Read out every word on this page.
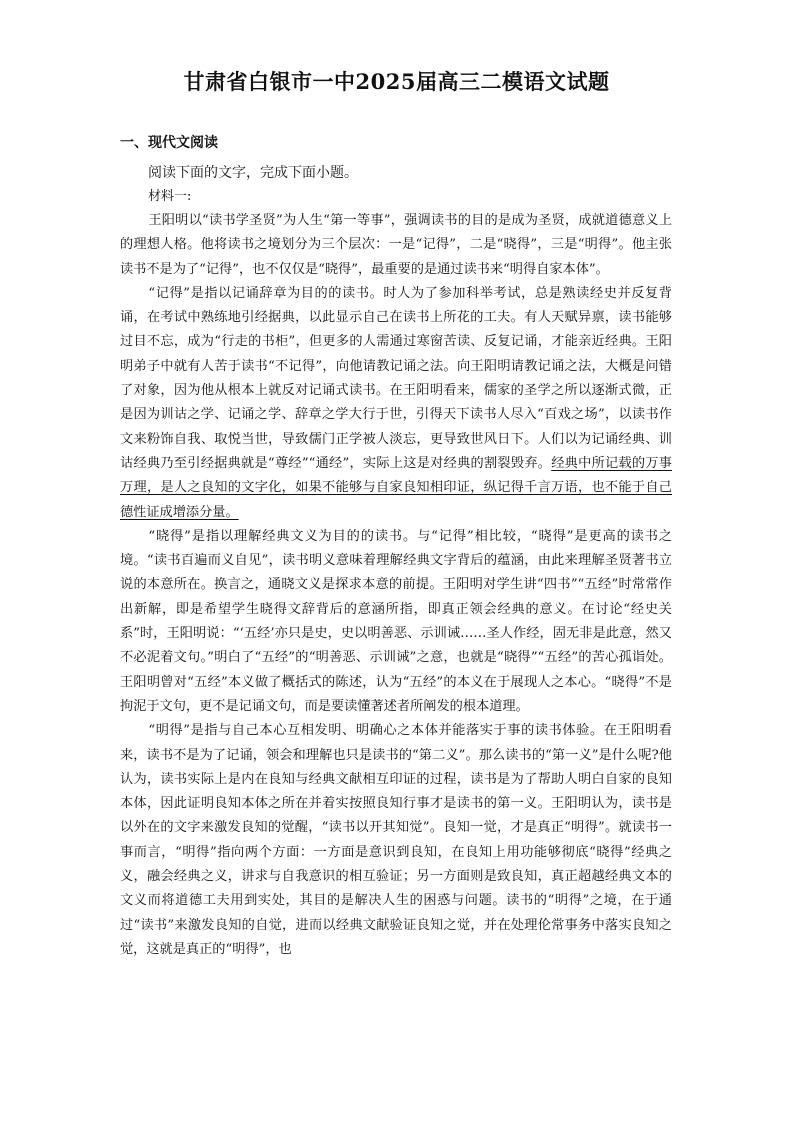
甘肃省白银市一中2025届高三二模语文试题
一、现代文阅读
阅读下面的文字，完成下面小题。
材料一:

王阳明以“读书学圣贤”为人生“第一等事”，强调读书的目的是成为圣贤，成就道德意义上的理想人格。他将读书之境划分为三个层次：一是“记得”，二是“晓得”，三是“明得”。他主张读书不是为了“记得”，也不仅仅是“晓得”，最重要的是通过读书来“明得自家本体”。

“记得”是指以记诵辞章为目的的读书。时人为了参加科举考试，总是熟读经史并反复背诵，在考试中熟练地引经据典，以此显示自己在读书上所花的工夫。有人天赋异禀，读书能够过目不忘，成为“行走的书柜”，但更多的人需通过寒窗苦读、反复记诵，才能亲近经典。王阳明弟子中就有人苦于读书“不记得”，向他请教记诵之法。向王阳明请教记诵之法，大概是问错了对象，因为他从根本上就反对记诵式读书。在王阳明看来，儒家的圣学之所以逐渐式微，正是因为训诂之学、记诵之学、辞章之学大行于世，引得天下读书人尽入“百戏之场”，以读书作文来粉饰自我、取悦当世，导致儒门正学被人淡忘，更导致世风日下。人们以为记诵经典、训诂经典乃至引经据典就是“尊经”“通经”，实际上这是对经典的割裂毁弃。经典中所记载的万事万理，是人之良知的文字化，如果不能够与自家良知相印证，纵记得千言万语，也不能于自己德性证成增添分量。

“晓得”是指以理解经典文义为目的的读书。与“记得”相比较，“晓得”是更高的读书之境。“读书百遍而义自见”，读书明义意味着理解经典文字背后的蕴涵，由此来理解圣贤著书立说的本意所在。换言之，通晓文义是探求本意的前提。王阳明对学生讲“四书”“五经”时常常作出新解，即是希望学生晓得文辞背后的意涵所指，即真正领会经典的意义。在讨论“经史关系”时，王阳明说：“‘五经’亦只是史，史以明善恶、示训诫……圣人作经，固无非是此意，然又不必泥着文句。”明白了“五经”的“明善恶、示训诫”之意，也就是“晓得”“五经”的苦心孤诣处。王阳明曾对“五经”本义做了概括式的陈述，认为“五经”的本义在于展现人之本心。“晓得”不是拘泥于文句，更不是记诵文句，而是要读懂著述者所阐发的根本道理。

“明得”是指与自己本心互相发明、明确心之本体并能落实于事的读书体验。在王阳明看来，读书不是为了记诵，领会和理解也只是读书的“第二义”。那么读书的“第一义”是什么呢?他认为，读书实际上是内在良知与经典文献相互印证的过程，读书是为了帮助人明白自家的良知本体，因此证明良知本体之所在并着实按照良知行事才是读书的第一义。王阳明认为，读书是以外在的文字来激发良知的觉醒，“读书以开其知觉”。良知一觉，才是真正“明得”。就读书一事而言，“明得”指向两个方面：一方面是意识到良知，在良知上用功能够彻底“晓得”经典之义，融会经典之义，讲求与自我意识的相互验证；另一方面则是致良知，真正超越经典文本的文义而将道德工夫用到实处，其目的是解决人生的困惑与问题。读书的“明得”之境，在于通过“读书”来激发良知的自觉，进而以经典文献验证良知之觉，并在处理伦常事务中落实良知之觉，这就是真正的“明得”，也
